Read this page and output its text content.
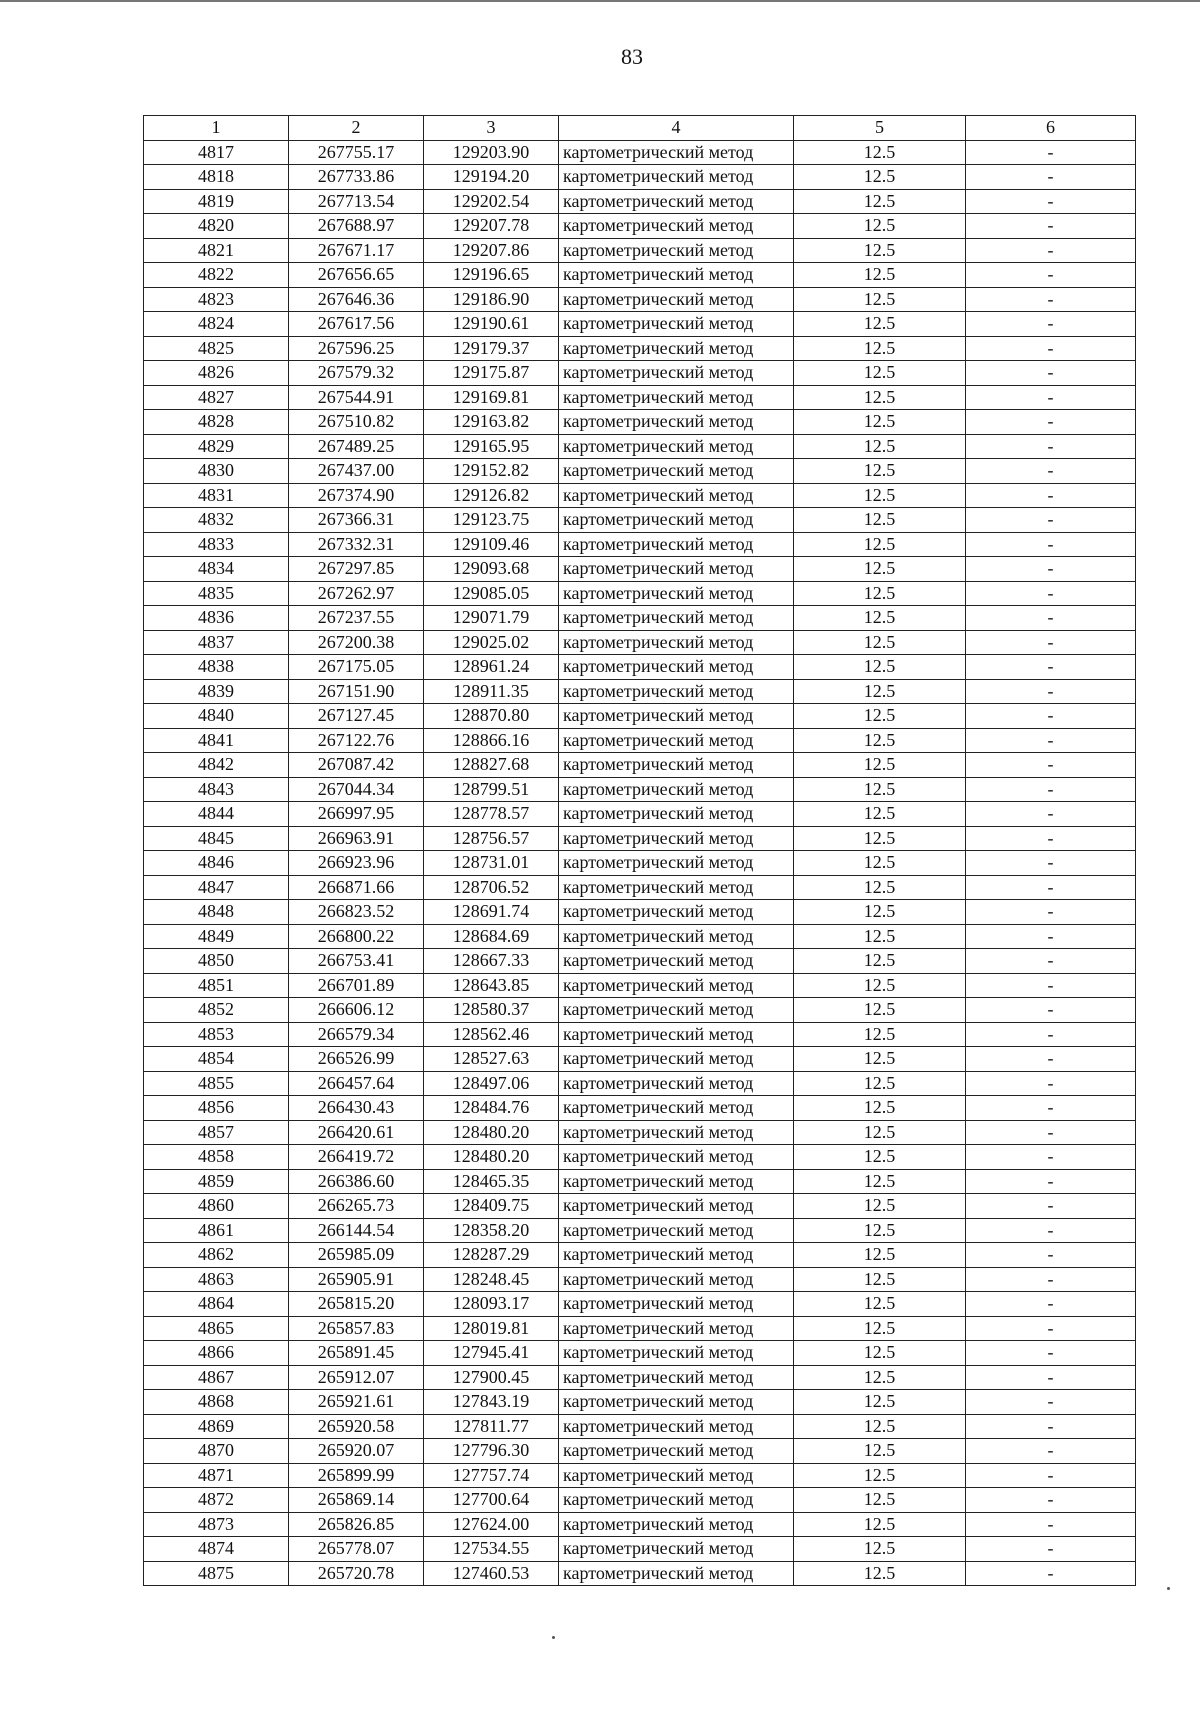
83
1	2	3	4	5	6
4817	267755.17	129203.90	картометрический метод	12.5	-
4818	267733.86	129194.20	картометрический метод	12.5	-
4819	267713.54	129202.54	картометрический метод	12.5	-
4820	267688.97	129207.78	картометрический метод	12.5	-
4821	267671.17	129207.86	картометрический метод	12.5	-
4822	267656.65	129196.65	картометрический метод	12.5	-
4823	267646.36	129186.90	картометрический метод	12.5	-
4824	267617.56	129190.61	картометрический метод	12.5	-
4825	267596.25	129179.37	картометрический метод	12.5	-
4826	267579.32	129175.87	картометрический метод	12.5	-
4827	267544.91	129169.81	картометрический метод	12.5	-
4828	267510.82	129163.82	картометрический метод	12.5	-
4829	267489.25	129165.95	картометрический метод	12.5	-
4830	267437.00	129152.82	картометрический метод	12.5	-
4831	267374.90	129126.82	картометрический метод	12.5	-
4832	267366.31	129123.75	картометрический метод	12.5	-
4833	267332.31	129109.46	картометрический метод	12.5	-
4834	267297.85	129093.68	картометрический метод	12.5	-
4835	267262.97	129085.05	картометрический метод	12.5	-
4836	267237.55	129071.79	картометрический метод	12.5	-
4837	267200.38	129025.02	картометрический метод	12.5	-
4838	267175.05	128961.24	картометрический метод	12.5	-
4839	267151.90	128911.35	картометрический метод	12.5	-
4840	267127.45	128870.80	картометрический метод	12.5	-
4841	267122.76	128866.16	картометрический метод	12.5	-
4842	267087.42	128827.68	картометрический метод	12.5	-
4843	267044.34	128799.51	картометрический метод	12.5	-
4844	266997.95	128778.57	картометрический метод	12.5	-
4845	266963.91	128756.57	картометрический метод	12.5	-
4846	266923.96	128731.01	картометрический метод	12.5	-
4847	266871.66	128706.52	картометрический метод	12.5	-
4848	266823.52	128691.74	картометрический метод	12.5	-
4849	266800.22	128684.69	картометрический метод	12.5	-
4850	266753.41	128667.33	картометрический метод	12.5	-
4851	266701.89	128643.85	картометрический метод	12.5	-
4852	266606.12	128580.37	картометрический метод	12.5	-
4853	266579.34	128562.46	картометрический метод	12.5	-
4854	266526.99	128527.63	картометрический метод	12.5	-
4855	266457.64	128497.06	картометрический метод	12.5	-
4856	266430.43	128484.76	картометрический метод	12.5	-
4857	266420.61	128480.20	картометрический метод	12.5	-
4858	266419.72	128480.20	картометрический метод	12.5	-
4859	266386.60	128465.35	картометрический метод	12.5	-
4860	266265.73	128409.75	картометрический метод	12.5	-
4861	266144.54	128358.20	картометрический метод	12.5	-
4862	265985.09	128287.29	картометрический метод	12.5	-
4863	265905.91	128248.45	картометрический метод	12.5	-
4864	265815.20	128093.17	картометрический метод	12.5	-
4865	265857.83	128019.81	картометрический метод	12.5	-
4866	265891.45	127945.41	картометрический метод	12.5	-
4867	265912.07	127900.45	картометрический метод	12.5	-
4868	265921.61	127843.19	картометрический метод	12.5	-
4869	265920.58	127811.77	картометрический метод	12.5	-
4870	265920.07	127796.30	картометрический метод	12.5	-
4871	265899.99	127757.74	картометрический метод	12.5	-
4872	265869.14	127700.64	картометрический метод	12.5	-
4873	265826.85	127624.00	картометрический метод	12.5	-
4874	265778.07	127534.55	картометрический метод	12.5	-
4875	265720.78	127460.53	картометрический метод	12.5	-
